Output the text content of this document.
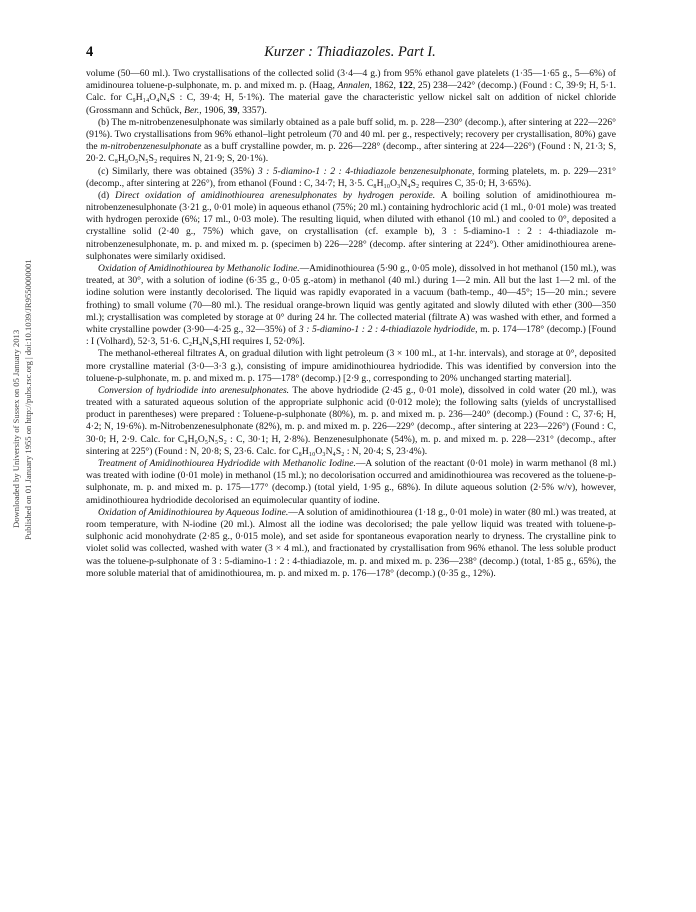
4	Kurzer : Thiadiazoles. Part I.
Downloaded by University of Sussex on 05 January 2013 Published on 01 January 1955 on http://pubs.rsc.org | doi:10.1039/JR9550000001

volume (50—60 ml.). Two crystallisations of the collected solid (3·4—4 g.) from 95% ethanol gave platelets (1·35—1·65 g., 5—6%) of amidinourea toluene-p-sulphonate, m. p. and mixed m. p. (Haag, Annalen, 1862, 122, 25) 238—242° (decomp.) (Found : C, 39·9; H, 5·1. Calc. for C₉H₁₄O₄N₄S : C, 39·4; H, 5·1%). The material gave the characteristic yellow nickel salt on addition of nickel chloride (Grossmann and Schück, Ber., 1906, 39, 3357).

(b) The m-nitrobenzenesulphonate was similarly obtained as a pale buff solid, m. p. 228—230° (decomp.), after sintering at 222—226° (91%). Two crystallisations from 96% ethanol–light petroleum (70 and 40 ml. per g., respectively; recovery per crystallisation, 80%) gave the m-nitrobenzenesulphonate as a buff crystalline powder, m. p. 226—228° (decomp., after sintering at 224—226°) (Found : N, 21·3; S, 20·2. C₈H₉O₅N₅S₂ requires N, 21·9; S, 20·1%).

(c) Similarly, there was obtained (35%) 3 : 5-diamino-1 : 2 : 4-thiadiazole benzenesulphonate, forming platelets, m. p. 229—231° (decomp., after sintering at 226°), from ethanol (Found : C, 34·7; H, 3·5. C₈H₁₀O₃N₄S₂ requires C, 35·0; H, 3·65%).

(d) Direct oxidation of amidinothiourea arenesulphonates by hydrogen peroxide. A boiling solution of amidinothiourea m-nitrobenzenesulphonate (3·21 g., 0·01 mole) in aqueous ethanol (75%; 20 ml.) containing hydrochloric acid (1 ml., 0·01 mole) was treated with hydrogen peroxide (6%; 17 ml., 0·03 mole). The resulting liquid, when diluted with ethanol (10 ml.) and cooled to 0°, deposited a crystalline solid (2·40 g., 75%) which gave, on crystallisation (cf. example b), 3 : 5-diamino-1 : 2 : 4-thiadiazole m-nitrobenzenesulphonate, m. p. and mixed m. p. (specimen b) 226—228° (decomp. after sintering at 224°). Other amidinothiourea arene-sulphonates were similarly oxidised.

Oxidation of Amidinothiourea by Methanolic Iodine.—Amidinothiourea (5·90 g., 0·05 mole), dissolved in hot methanol (150 ml.), was treated, at 30°, with a solution of iodine (6·35 g., 0·05 g.-atom) in methanol (40 ml.) during 1—2 min. All but the last 1—2 ml. of the iodine solution were instantly decolorised. The liquid was rapidly evaporated in a vacuum (bath-temp., 40—45°; 15—20 min.; severe frothing) to small volume (70—80 ml.). The residual orange-brown liquid was gently agitated and slowly diluted with ether (300—350 ml.); crystallisation was completed by storage at 0° during 24 hr. The collected material (filtrate A) was washed with ether, and formed a white crystalline powder (3·90—4·25 g., 32—35%) of 3 : 5-diamino-1 : 2 : 4-thiadiazole hydriodide, m. p. 174—178° (decomp.) [Found : I (Volhard), 52·3, 51·6. C₂H₄N₄S,HI requires I, 52·0%].

The methanol-ethereal filtrates A, on gradual dilution with light petroleum (3 × 100 ml., at 1-hr. intervals), and storage at 0°, deposited more crystalline material (3·0—3·3 g.), consisting of impure amidinothiourea hydriodide. This was identified by conversion into the toluene-p-sulphonate, m. p. and mixed m. p. 175—178° (decomp.) [2·9 g., corresponding to 20% unchanged starting material].

Conversion of hydriodide into arenesulphonates. The above hydriodide (2·45 g., 0·01 mole), dissolved in cold water (20 ml.), was treated with a saturated aqueous solution of the appropriate sulphonic acid (0·012 mole); the following salts (yields of uncrystallised product in parentheses) were prepared : Toluene-p-sulphonate (80%), m. p. and mixed m. p. 236—240° (decomp.) (Found : C, 37·6; H, 4·2; N, 19·6%). m-Nitrobenzenesulphonate (82%), m. p. and mixed m. p. 226—229° (decomp., after sintering at 223—226°) (Found : C, 30·0; H, 2·9. Calc. for C₈H₉O₅N₅S₂ : C, 30·1; H, 2·8%). Benzenesulphonate (54%), m. p. and mixed m. p. 228—231° (decomp., after sintering at 225°) (Found : N, 20·8; S, 23·6. Calc. for C₈H₁₀O₃N₄S₂ : N, 20·4; S, 23·4%).

Treatment of Amidinothiourea Hydriodide with Methanolic Iodine.—A solution of the reactant (0·01 mole) in warm methanol (8 ml.) was treated with iodine (0·01 mole) in methanol (15 ml.); no decolorisation occurred and amidinothiourea was recovered as the toluene-p-sulphonate, m. p. and mixed m. p. 175—177° (decomp.) (total yield, 1·95 g., 68%). In dilute aqueous solution (2·5% w/v), however, amidinothiourea hydriodide decolorised an equimolecular quantity of iodine.

Oxidation of Amidinothiourea by Aqueous Iodine.—A solution of amidinothiourea (1·18 g., 0·01 mole) in water (80 ml.) was treated, at room temperature, with N-iodine (20 ml.). Almost all the iodine was decolorised; the pale yellow liquid was treated with toluene-p-sulphonic acid monohydrate (2·85 g., 0·015 mole), and set aside for spontaneous evaporation nearly to dryness. The crystalline pink to violet solid was collected, washed with water (3 × 4 ml.), and fractionated by crystallisation from 96% ethanol. The less soluble product was the toluene-p-sulphonate of 3 : 5-diamino-1 : 2 : 4-thiadiazole, m. p. and mixed m. p. 236—238° (decomp.) (total, 1·85 g., 65%), the more soluble material that of amidinothiourea, m. p. and mixed m. p. 176—178° (decomp.) (0·35 g., 12%).
